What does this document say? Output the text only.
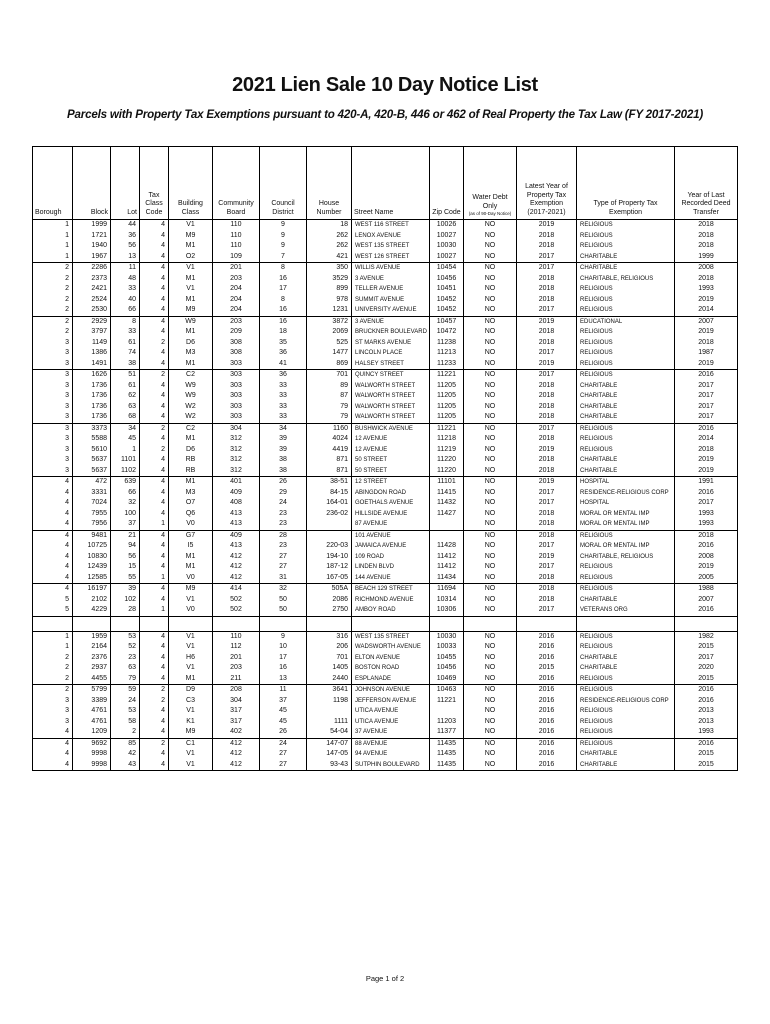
2021 Lien Sale 10 Day Notice List
Parcels with Property Tax Exemptions pursuant to 420-A, 420-B, 446 or 462 of Real Property the Tax Law (FY 2017-2021)
Borough	Block	Lot	Tax Class Code	Building Class	Community Board	Council District	House Number	Street Name	Zip Code	Water Debt Only
(as of 90-Day Notice)	Latest Year of Property Tax Exemption (2017-2021)	Type of Property Tax Exemption	Year of Last Recorded Deed Transfer
1	1999	44	4	V1	110	9	18	WEST 116 STREET	10026	NO	2019	RELIGIOUS	2018
1	1721	36	4	M9	110	9	262	LENOX AVENUE	10027	NO	2018	RELIGIOUS	2018
1	1940	56	4	M1	110	9	262	WEST 135 STREET	10030	NO	2018	RELIGIOUS	2018
1	1967	13	4	O2	109	7	421	WEST 126 STREET	10027	NO	2017	CHARITABLE	1999
2	2286	11	4	V1	201	8	350	WILLIS AVENUE	10454	NO	2017	CHARITABLE	2008
2	2373	48	4	M1	203	16	3529	3 AVENUE	10456	NO	2018	CHARITABLE, RELIGIOUS	2018
2	2421	33	4	V1	204	17	899	TELLER AVENUE	10451	NO	2018	RELIGIOUS	1993
2	2524	40	4	M1	204	8	978	SUMMIT AVENUE	10452	NO	2018	RELIGIOUS	2019
2	2530	66	4	M9	204	16	1231	UNIVERSITY AVENUE	10452	NO	2017	RELIGIOUS	2014
2	2929	8	4	W9	203	16	3872	3 AVENUE	10457	NO	2019	EDUCATIONAL	2007
2	3797	33	4	M1	209	18	2069	BRUCKNER BOULEVARD	10472	NO	2018	RELIGIOUS	2019
3	1149	61	2	D6	308	35	525	ST MARKS AVENUE	11238	NO	2018	RELIGIOUS	2018
3	1386	74	4	M3	308	36	1477	LINCOLN PLACE	11213	NO	2017	RELIGIOUS	1987
3	1491	38	4	M1	303	41	869	HALSEY STREET	11233	NO	2019	RELIGIOUS	2019
3	1626	51	2	C2	303	36	701	QUINCY STREET	11221	NO	2017	RELIGIOUS	2016
3	1736	61	4	W9	303	33	89	WALWORTH STREET	11205	NO	2018	CHARITABLE	2017
3	1736	62	4	W9	303	33	87	WALWORTH STREET	11205	NO	2018	CHARITABLE	2017
3	1736	63	4	W2	303	33	79	WALWORTH STREET	11205	NO	2018	CHARITABLE	2017
3	1736	68	4	W2	303	33	79	WALWORTH STREET	11205	NO	2018	CHARITABLE	2017
3	3373	34	2	C2	304	34	1160	BUSHWICK AVENUE	11221	NO	2017	RELIGIOUS	2016
3	5588	45	4	M1	312	39	4024	12 AVENUE	11218	NO	2018	RELIGIOUS	2014
3	5610	1	2	D6	312	39	4419	12 AVENUE	11219	NO	2019	RELIGIOUS	2018
3	5637	1101	4	RB	312	38	871	50 STREET	11220	NO	2018	CHARITABLE	2019
3	5637	1102	4	RB	312	38	871	50 STREET	11220	NO	2018	CHARITABLE	2019
4	472	639	4	M1	401	26	38-51	12 STREET	11101	NO	2019	HOSPITAL	1991
4	3331	66	4	M3	409	29	84-15	ABINGDON ROAD	11415	NO	2017	RESIDENCE-RELIGIOUS CORP	2016
4	7024	32	4	O7	408	24	164-01	GOETHALS AVENUE	11432	NO	2017	HOSPITAL	2017
4	7955	100	4	Q6	413	23	236-02	HILLSIDE AVENUE	11427	NO	2018	MORAL OR MENTAL IMP	1993
4	7956	37	1	V0	413	23		87 AVENUE		NO	2018	MORAL OR MENTAL IMP	1993
4	9481	21	4	G7	409	28		101 AVENUE		NO	2018	RELIGIOUS	2018
4	10725	94	4	I5	413	23	220-03	JAMAICA AVENUE	11428	NO	2017	MORAL OR MENTAL IMP	2016
4	10830	56	4	M1	412	27	194-10	109 ROAD	11412	NO	2019	CHARITABLE, RELIGIOUS	2008
4	12439	15	4	M1	412	27	187-12	LINDEN BLVD	11412	NO	2017	RELIGIOUS	2019
4	12585	55	1	V0	412	31	167-05	144 AVENUE	11434	NO	2018	RELIGIOUS	2005
4	16197	39	4	M9	414	32	505A	BEACH 129 STREET	11694	NO	2018	RELIGIOUS	1988
5	2102	102	4	V1	502	50	2086	RICHMOND AVENUE	10314	NO	2018	CHARITABLE	2007
5	4229	28	1	V0	502	50	2750	AMBOY ROAD	10306	NO	2017	VETERANS ORG	2016

1	1959	53	4	V1	110	9	316	WEST 135 STREET	10030	NO	2016	RELIGIOUS	1982
1	2164	52	4	V1	112	10	206	WADSWORTH AVENUE	10033	NO	2016	RELIGIOUS	2015
2	2376	23	4	H6	201	17	701	ELTON AVENUE	10455	NO	2016	CHARITABLE	2017
2	2937	63	4	V1	203	16	1405	BOSTON ROAD	10456	NO	2015	CHARITABLE	2020
2	4455	79	4	M1	211	13	2440	ESPLANADE	10469	NO	2016	RELIGIOUS	2015
2	5799	59	2	D9	208	11	3641	JOHNSON AVENUE	10463	NO	2016	RELIGIOUS	2016
3	3389	24	2	C3	304	37	1198	JEFFERSON AVENUE	11221	NO	2016	RESIDENCE-RELIGIOUS CORP	2016
3	4761	53	4	V1	317	45		UTICA AVENUE		NO	2016	RELIGIOUS	2013
3	4761	58	4	K1	317	45	1111	UTICA AVENUE	11203	NO	2016	RELIGIOUS	2013
4	1209	2	4	M9	402	26	54-04	37 AVENUE	11377	NO	2016	RELIGIOUS	1993
4	9692	85	2	C1	412	24	147-07	88 AVENUE	11435	NO	2016	RELIGIOUS	2016
4	9998	42	4	V1	412	27	147-05	94 AVENUE	11435	NO	2016	CHARITABLE	2015
4	9998	43	4	V1	412	27	93-43	SUTPHIN BOULEVARD	11435	NO	2016	CHARITABLE	2015
Page 1 of 2
